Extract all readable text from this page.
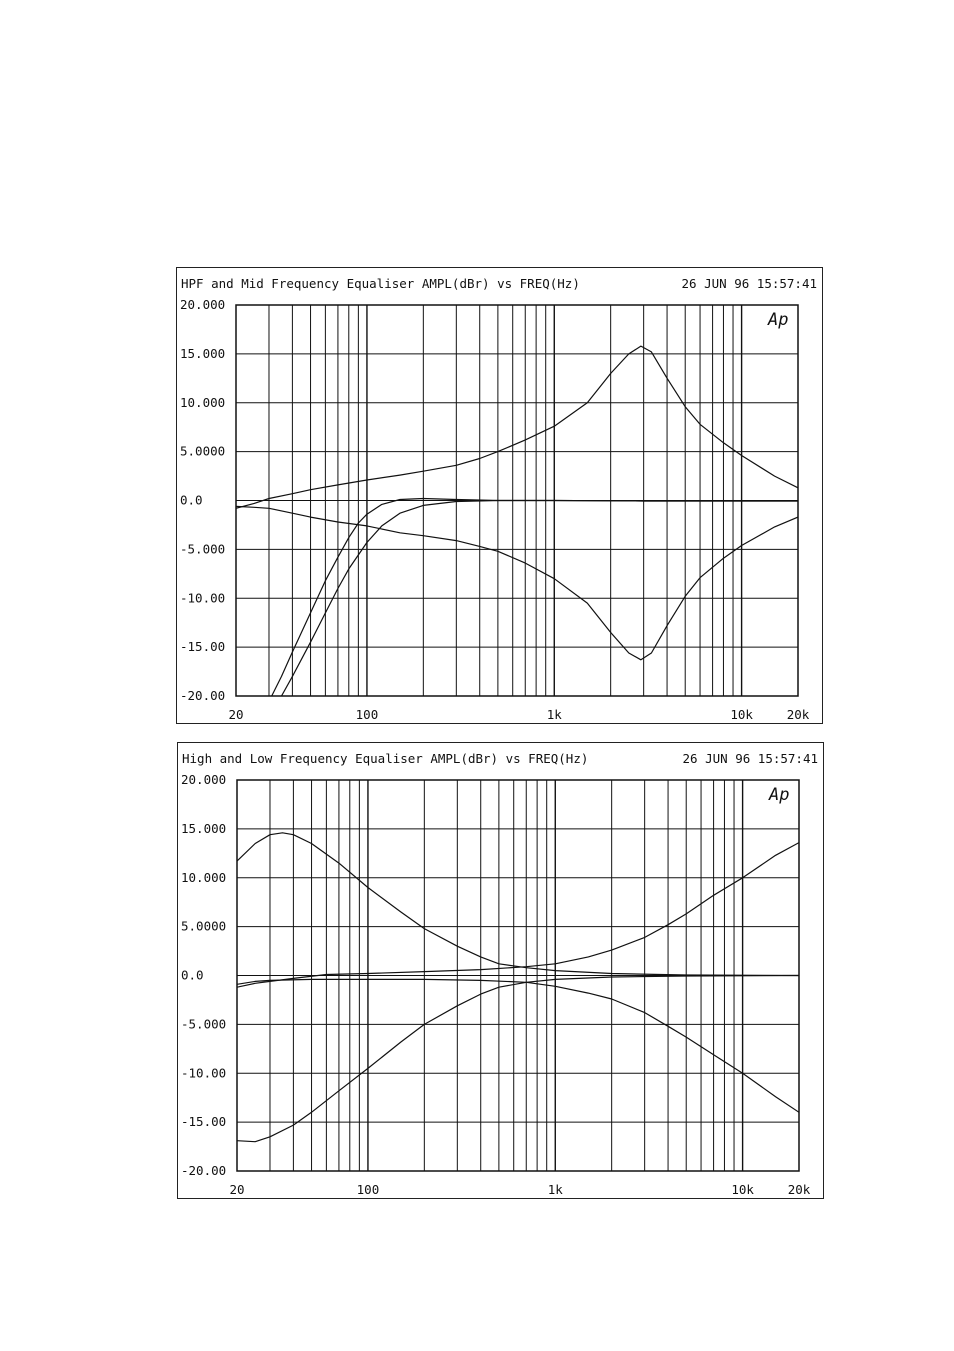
HPF and Mid Frequency Equaliser AMPL(dBr) vs FREQ(Hz)	26 JUN 96 15:57:41
20.000
15.000
10.000
5.0000
0.0
-5.000
-10.00
-15.00
-20.00
20	100	1k	10k	20k
Ap
High and Low Frequency Equaliser AMPL(dBr) vs FREQ(Hz)	26 JUN 96 15:57:41
20.000
15.000
10.000
5.0000
0.0
-5.000
-10.00
-15.00
-20.00
20	100	1k	10k	20k
Ap
